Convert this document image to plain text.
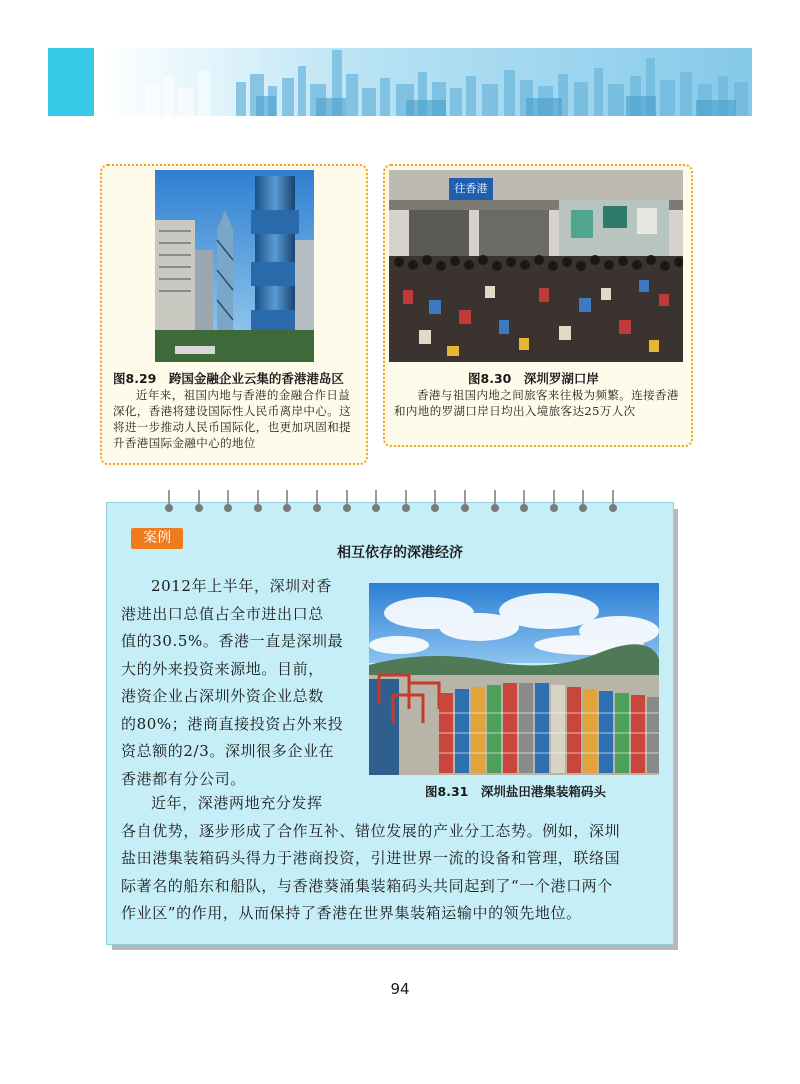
图8.29　跨国金融企业云集的香港港岛区
近年来，祖国内地与香港的金融合作日益深化，香港将建设国际性人民币离岸中心。这将进一步推动人民币国际化，也更加巩固和提升香港国际金融中心的地位
往香港
图8.30　深圳罗湖口岸
香港与祖国内地之间旅客来往极为频繁。连接香港和内地的罗湖口岸日均出入境旅客达25万人次
案例
相互依存的深港经济
2012年上半年，深圳对香
港进出口总值占全市进出口总
值的30.5%。香港一直是深圳最
大的外来投资来源地。目前，
港资企业占深圳外资企业总数
的80%；港商直接投资占外来投
资总额的2/3。深圳很多企业在
香港都有分公司。
图8.31　深圳盐田港集装箱码头
近年，深港两地充分发挥
各自优势，逐步形成了合作互补、错位发展的产业分工态势。例如，深圳
盐田港集装箱码头得力于港商投资，引进世界一流的设备和管理，联络国
际著名的船东和船队，与香港葵涌集装箱码头共同起到了“一个港口两个
作业区”的作用，从而保持了香港在世界集装箱运输中的领先地位。
94
